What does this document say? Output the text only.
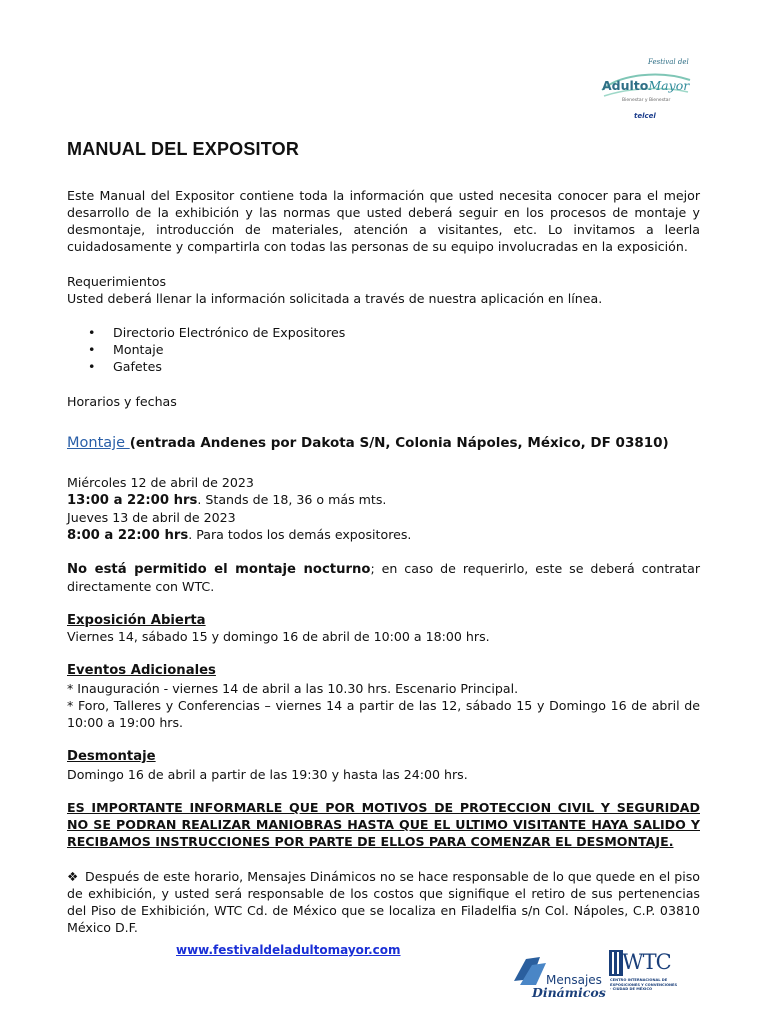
Festival del
AdultoMayor
Bienestar y Bienestar
telcel
MANUAL DEL EXPOSITOR

Este Manual del Expositor contiene toda la información que usted necesita conocer para el mejor desarrollo de la exhibición y las normas que usted deberá seguir en los procesos de montaje y desmontaje, introducción de materiales, atención a visitantes, etc. Lo invitamos a leerla cuidadosamente y compartirla con todas las personas de su equipo involucradas en la exposición.

Requerimientos

Usted deberá llenar la información solicitada a través de nuestra aplicación en línea.

• Directorio Electrónico de Expositores
• Montaje
• Gafetes

Horarios y fechas

Montaje (entrada Andenes por Dakota S/N, Colonia Nápoles, México, DF 03810)

Miércoles 12 de abril de 2023

13:00 a 22:00 hrs. Stands de 18, 36 o más mts.

Jueves 13 de abril de 2023

8:00 a 22:00 hrs. Para todos los demás expositores.

No está permitido el montaje nocturno; en caso de requerirlo, este se deberá contratar directamente con WTC.

Exposición Abierta

Viernes 14, sábado 15 y domingo 16 de abril de 10:00 a 18:00 hrs.

Eventos Adicionales

* Inauguración - viernes 14 de abril a las 10.30 hrs. Escenario Principal.

* Foro, Talleres y Conferencias – viernes 14 a partir de las 12, sábado 15 y Domingo 16 de abril de 10:00 a 19:00 hrs.

Desmontaje

Domingo 16 de abril a partir de las 19:30 y hasta las 24:00 hrs.

ES IMPORTANTE INFORMARLE QUE POR MOTIVOS DE PROTECCION CIVIL Y SEGURIDAD NO SE PODRAN REALIZAR MANIOBRAS HASTA QUE EL ULTIMO VISITANTE HAYA SALIDO Y RECIBAMOS INSTRUCCIONES POR PARTE DE ELLOS PARA COMENZAR EL DESMONTAJE.

❖ Después de este horario, Mensajes Dinámicos no se hace responsable de lo que quede en el piso de exhibición, y usted será responsable de los costos que signifique el retiro de sus pertenencias del Piso de Exhibición, WTC Cd. de México que se localiza en Filadelfia s/n Col. Nápoles, C.P. 03810 México D.F.

www.festivaldeladultomayor.com
Mensajes
Dinámicos
WTC
CENTRO INTERNACIONAL DE EXPOSICIONES Y CONVENCIONES · CIUDAD DE MÉXICO
